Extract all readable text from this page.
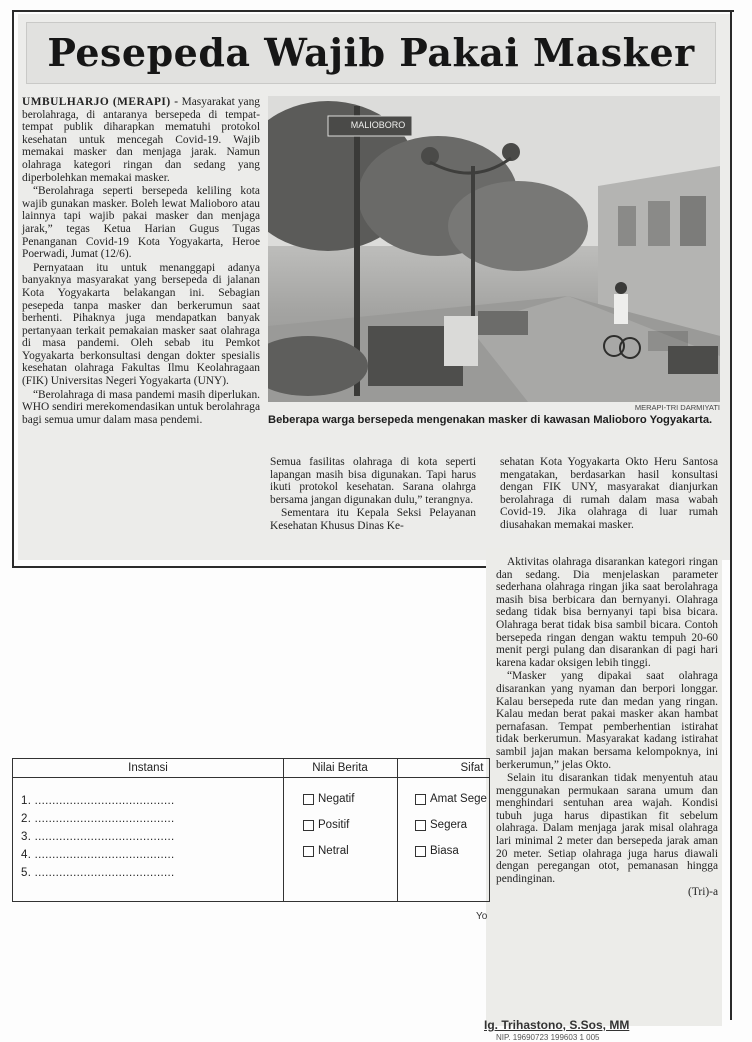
Pesepeda Wajib Pakai Masker

UMBULHARJO (MERAPI) - Masyarakat yang berolahraga, di antaranya bersepeda di tempat-tempat publik diharapkan mematuhi protokol kesehatan untuk mencegah Covid-19. Wajib memakai masker dan menjaga jarak. Namun olahraga kategori ringan dan sedang yang diperbolehkan memakai masker.

“Berolahraga seperti bersepeda keliling kota wajib gunakan masker. Boleh lewat Malioboro atau lainnya tapi wajib pakai masker dan menjaga jarak,” tegas Ketua Harian Gugus Tugas Penanganan Covid-19 Kota Yogyakarta, Heroe Poerwadi, Jumat (12/6).

Pernyataan itu untuk menanggapi adanya banyaknya masyarakat yang bersepeda di jalanan Kota Yogyakarta belakangan ini. Sebagian pesepeda tanpa masker dan berkerumun saat berhenti. Pihaknya juga mendapatkan banyak pertanyaan terkait pemakaian masker saat olahraga di masa pandemi. Oleh sebab itu Pemkot Yogyakarta berkonsultasi dengan dokter spesialis kesehatan olahraga Fakultas Ilmu Keolahragaan (FIK) Universitas Negeri Yogyakarta (UNY).

“Berolahraga di masa pandemi masih diperlukan. WHO sendiri merekomendasikan untuk berolahraga bagi semua umur dalam masa pendemi.

MALIOBORO
MERAPI-TRI DARMIYATI
Beberapa warga bersepeda mengenakan masker di kawasan Malioboro Yogyakarta.

Semua fasilitas olahraga di kota seperti lapangan masih bisa digunakan. Tapi harus ikuti protokol kesehatan. Sarana olahrga bersama jangan digunakan dulu,” terangnya.

Sementara itu Kepala Seksi Pelayanan Kesehatan Khusus Dinas Ke-

sehatan Kota Yogyakarta Okto Heru Santosa mengatakan, berdasarkan hasil konsultasi dengan FIK UNY, masyarakat dianjurkan berolahraga di rumah dalam masa wabah Covid-19. Jika olahraga di luar rumah diusahakan memakai masker.

Aktivitas olahraga disarankan kategori ringan dan sedang. Dia menjelaskan parameter sederhana olahraga ringan jika saat berolahraga masih bisa berbicara dan bernyanyi. Olahraga sedang tidak bisa bernyanyi tapi bisa bicara. Olahraga berat tidak bisa sambil bicara. Contoh bersepeda ringan dengan waktu tempuh 20-60 menit pergi pulang dan disarankan di pagi hari karena kadar oksigen lebih tinggi.

“Masker yang dipakai saat olahraga disarankan yang nyaman dan berpori longgar. Kalau bersepeda rute dan medan yang ringan. Kalau medan berat pakai masker akan hambat pernafasan. Tempat pemberhentian istirahat tidak berkerumun. Masyarakat kadang istirahat sambil jajan makan bersama kelompoknya, ini berkerumun,” jelas Okto.

Selain itu disarankan tidak menyentuh atau menggunakan permukaan sarana umum dan menghindari sentuhan area wajah. Kondisi tubuh juga harus dipastikan fit sebelum olahraga. Dalam menjaga jarak misal olahraga lari minimal 2 meter dan bersepeda jarak aman 20 meter. Setiap olahraga juga harus diawali dengan peregangan otot, pemanasan hingga pendinginan.

(Tri)-a

Instansi	Nilai Berita	Sifat
1. ........................................
2. ........................................
3. ........................................
4. ........................................
5. ........................................
Negatif
Positif
Netral
Amat Sege
Segera
Biasa
Yo
Ig. Trihastono, S.Sos, MM
NIP. 19690723 199603 1 005
